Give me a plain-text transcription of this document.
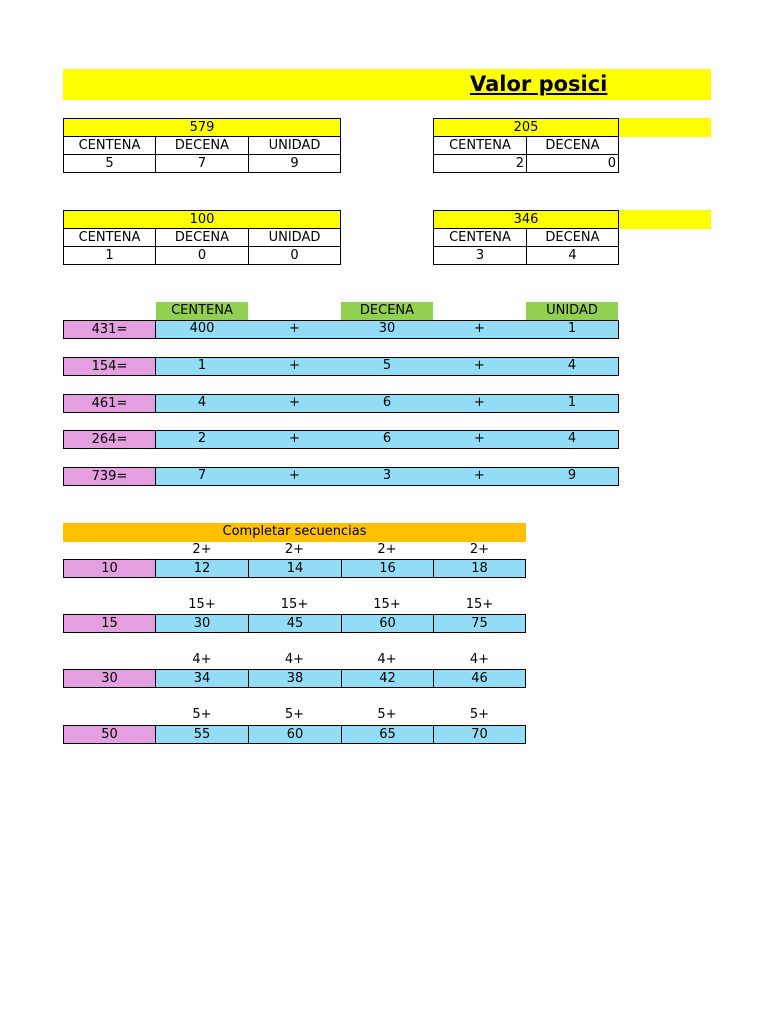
Valor posici
579
CENTENA	DECENA	UNIDAD
5	7	9
205
CENTENA	DECENA
2	0
100
CENTENA	DECENA	UNIDAD
1	0	0
346
CENTENA	DECENA
3	4
CENTENA	DECENA	UNIDAD
431=	400	+	30	+	1
154=	1	+	5	+	4
461=	4	+	6	+	1
264=	2	+	6	+	4
739=	7	+	3	+	9
Completar secuencias
2+	2+	2+	2+
10	12	14	16	18
15+	15+	15+	15+
15	30	45	60	75
4+	4+	4+	4+
30	34	38	42	46
5+	5+	5+	5+
50	55	60	65	70
